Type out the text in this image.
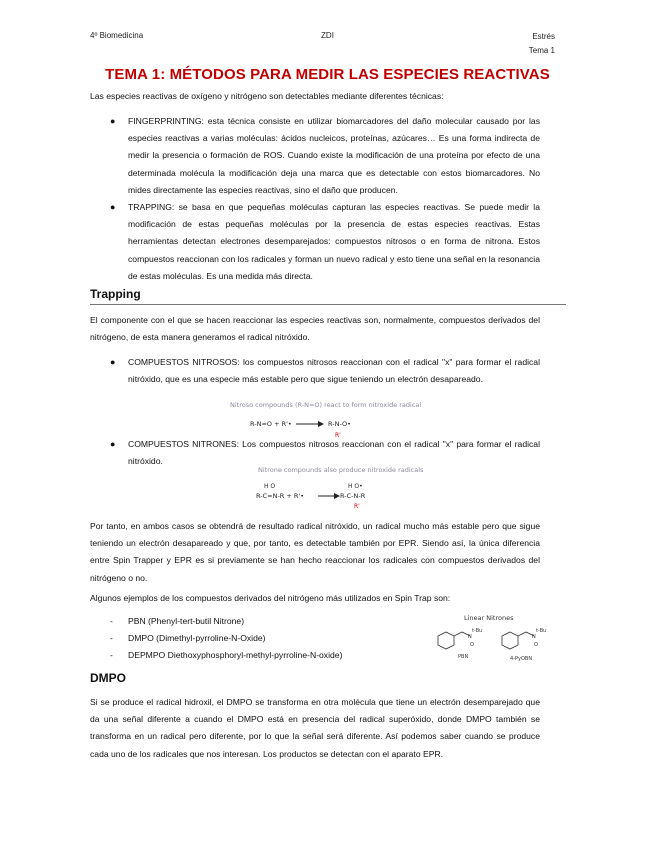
4º Biomedicina	ZDI	Estrés
Tema 1
TEMA 1: MÉTODOS PARA MEDIR LAS ESPECIES REACTIVAS
Las especies reactivas de oxígeno y nitrógeno son detectables mediante diferentes técnicas:
● FINGERPRINTING: esta técnica consiste en utilizar biomarcadores del daño molecular causado por las especies reactivas a varias moléculas: ácidos nucleicos, proteínas, azúcares… Es una forma indirecta de medir la presencia o formación de ROS. Cuando existe la modificación de una proteína por efecto de una determinada molécula la modificación deja una marca que es detectable con estos biomarcadores. No mides directamente las especies reactivas, sino el daño que producen.
● TRAPPING: se basa en que pequeñas moléculas capturan las especies reactivas. Se puede medir la modificación de estas pequeñas moléculas por la presencia de estas especies reactivas. Estas herramientas detectan electrones desemparejados: compuestos nitrosos o en forma de nitrona. Estos compuestos reaccionan con los radicales y forman un nuevo radical y esto tiene una señal en la resonancia de estas moléculas. Es una medida más directa.
Trapping
El componente con el que se hacen reaccionar las especies reactivas son, normalmente, compuestos derivados del nitrógeno, de esta manera generamos el radical nitróxido.
● COMPUESTOS NITROSOS: los compuestos nitrosos reaccionan con el radical "x" para formar el radical nitróxido, que es una especie más estable pero que sigue teniendo un electrón desapareado.
Nitroso compounds (R-N=O) react to form nitroxide radical
R-N=O + R'•	R-N-O•
R'
● COMPUESTOS NITRONES: Los compuestos nitrosos reaccionan con el radical "x" para formar el radical nitróxido.
Nitrone compounds also produce nitroxide radicals
H O
R-C=N-R + R'•
H O•
R-C-N-R
R'
Por tanto, en ambos casos se obtendrá de resultado radical nitróxido, un radical mucho más estable pero que sigue teniendo un electrón desapareado y que, por tanto, es detectable también por EPR. Siendo así, la única diferencia entre Spin Trapper y EPR es si previamente se han hecho reaccionar los radicales con compuestos derivados del nitrógeno o no.
Algunos ejemplos de los compuestos derivados del nitrógeno más utilizados en Spin Trap son:
- PBN (Phenyl-tert-butil Nitrone)
- DMPO (Dimethyl-pyrroline-N-Oxide)
- DEPMPO Diethoxyphosphoryl-methyl-pyrroline-N-oxide)
Linear Nitrones
N
t-Bu
O
PBN
N
t-Bu
O
4-PyOBN
DMPO
Si se produce el radical hidroxil, el DMPO se transforma en otra molécula que tiene un electrón desemparejado que da una señal diferente a cuando el DMPO está en presencia del radical superóxido, donde DMPO también se transforma en un radical pero diferente, por lo que la señal será diferente. Así podemos saber cuando se produce cada uno de los radicales que nos interesan. Los productos se detectan con el aparato EPR.
